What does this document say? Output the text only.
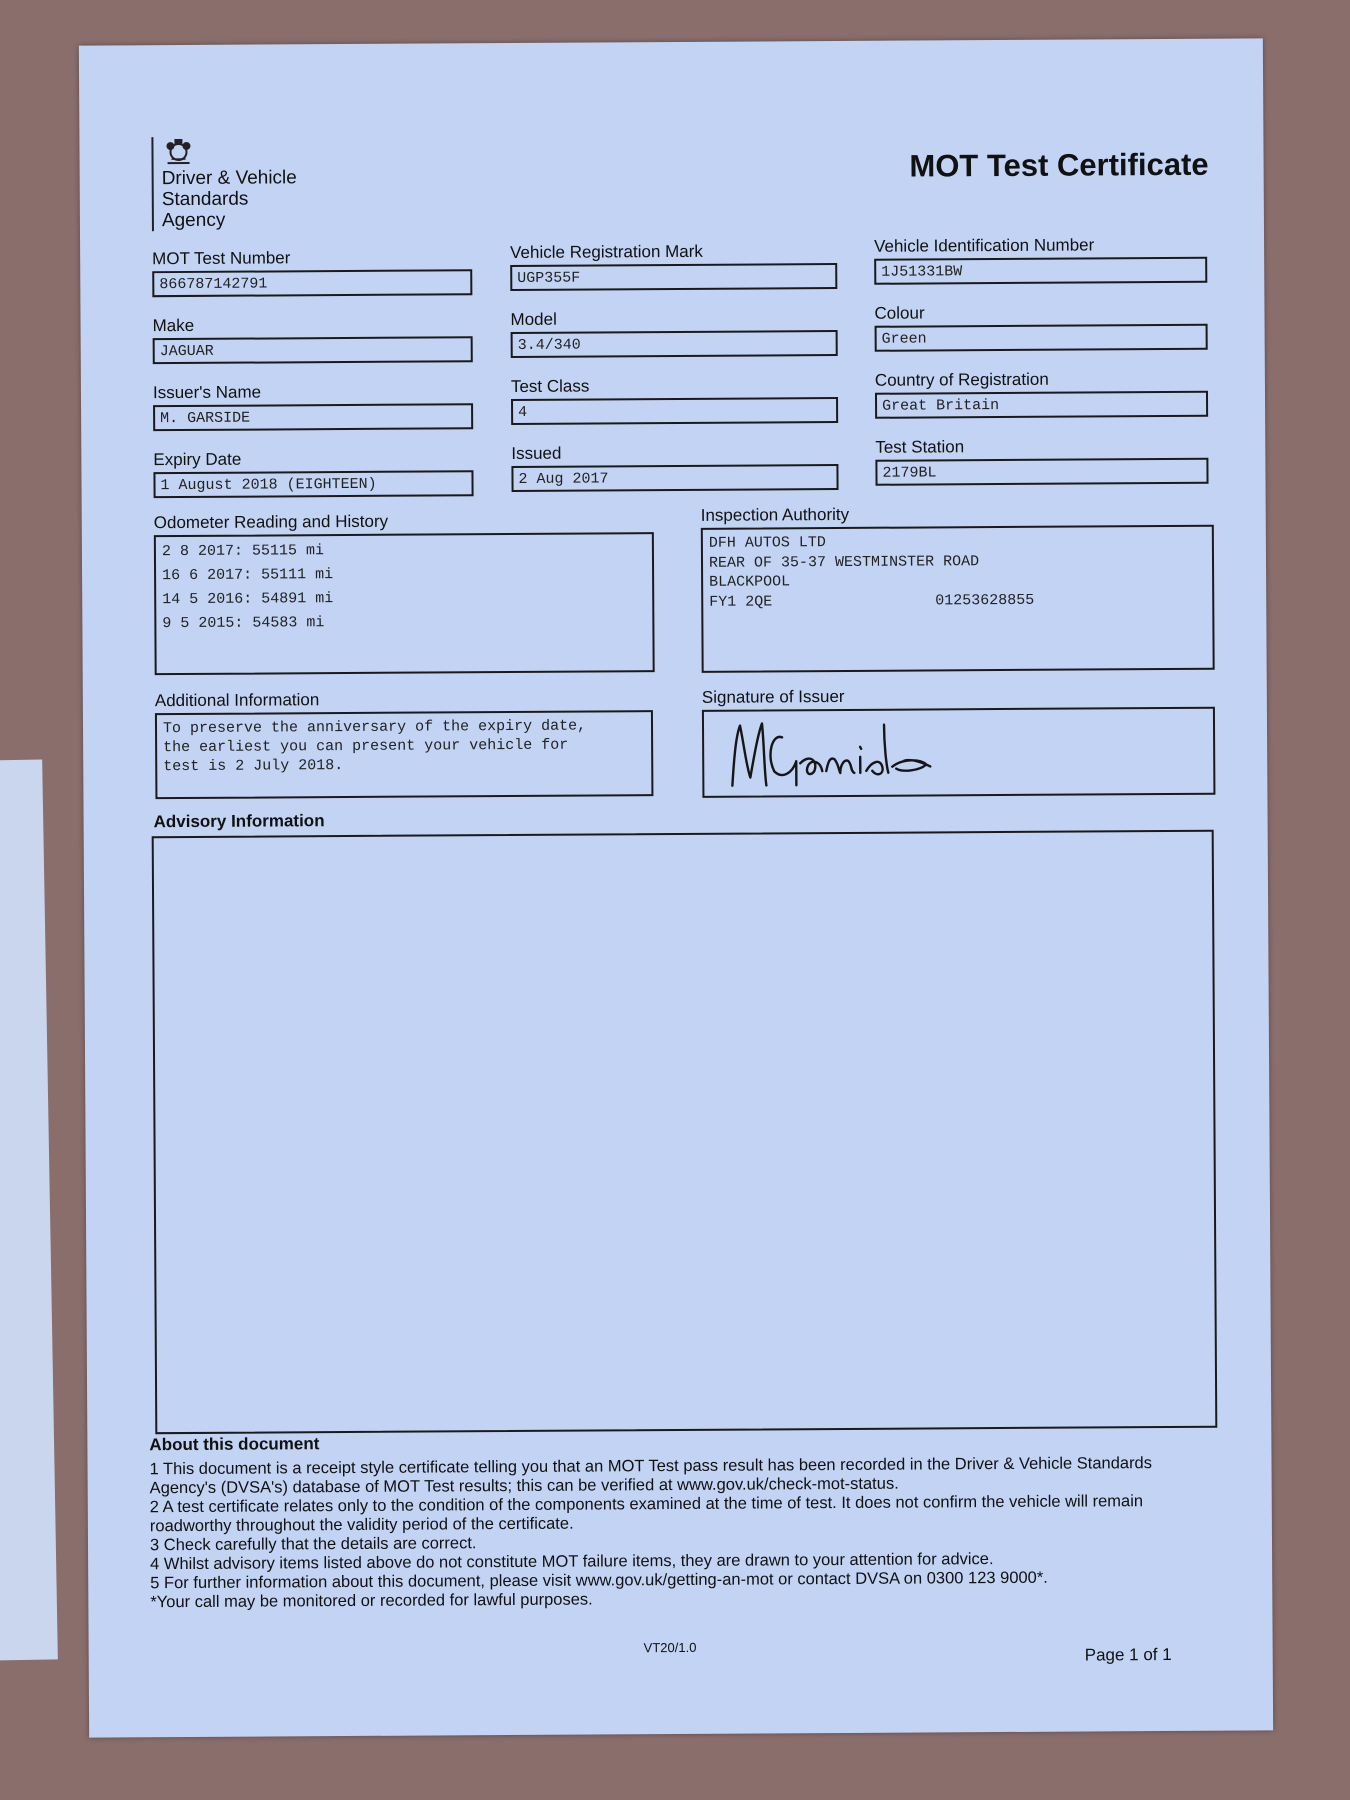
Driver & Vehicle
Standards
Agency
MOT Test Certificate
MOT Test Number
866787142791
Vehicle Registration Mark
UGP355F
Vehicle Identification Number
1J51331BW
Make
JAGUAR
Model
3.4/340
Colour
Green
Issuer's Name
M. GARSIDE
Test Class
4
Country of Registration
Great Britain
Expiry Date
1 August 2018 (EIGHTEEN)
Issued
2 Aug 2017
Test Station
2179BL
Odometer Reading and History
2 8 2017: 55115 mi
16 6 2017: 55111 mi
14 5 2016: 54891 mi
9 5 2015: 54583 mi
Inspection Authority
DFH AUTOS LTD
REAR OF 35-37 WESTMINSTER ROAD
BLACKPOOL
FY1 2QE	01253628855
Additional Information
To preserve the anniversary of the expiry date,
the earliest you can present your vehicle for
test is 2 July 2018.
Signature of Issuer
Advisory Information
About this document
1 This document is a receipt style certificate telling you that an MOT Test pass result has been recorded in the Driver & Vehicle Standards Agency's (DVSA's) database of MOT Test results; this can be verified at www.gov.uk/check-mot-status.
2 A test certificate relates only to the condition of the components examined at the time of test. It does not confirm the vehicle will remain roadworthy throughout the validity period of the certificate.
3 Check carefully that the details are correct.
4 Whilst advisory items listed above do not constitute MOT failure items, they are drawn to your attention for advice.
5 For further information about this document, please visit www.gov.uk/getting-an-mot or contact DVSA on 0300 123 9000*.
*Your call may be monitored or recorded for lawful purposes.
VT20/1.0	Page 1 of 1
